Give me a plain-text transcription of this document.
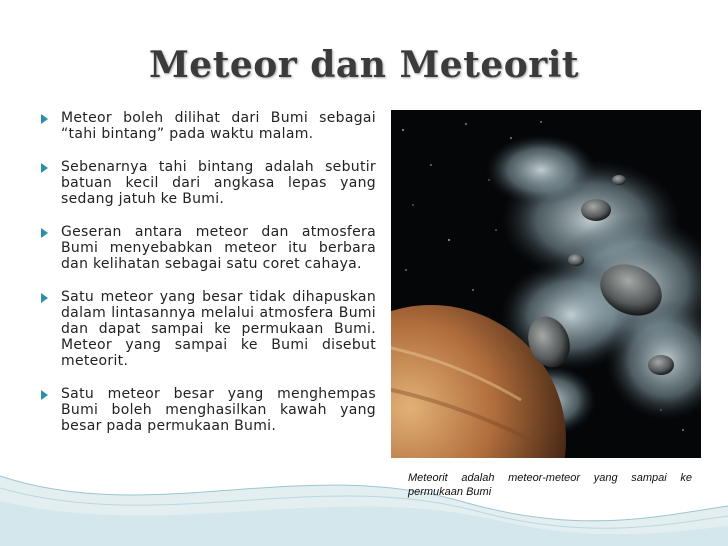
Meteor dan Meteorit
Meteor boleh dilihat dari Bumi sebagai “tahi bintang” pada waktu malam.
Sebenarnya tahi bintang adalah sebutir batuan kecil dari angkasa lepas yang sedang jatuh ke Bumi.
Geseran antara meteor dan atmosfera Bumi menyebabkan meteor itu berbara dan kelihatan sebagai satu coret cahaya.
Satu meteor yang besar tidak dihapuskan dalam lintasannya melalui atmosfera Bumi dan dapat sampai ke permukaan Bumi. Meteor yang sampai ke Bumi disebut meteorit.
Satu meteor besar yang menghempas Bumi boleh menghasilkan kawah yang besar pada permukaan Bumi.

Meteorit adalah meteor-meteor yang sampai ke permukaan Bumi
